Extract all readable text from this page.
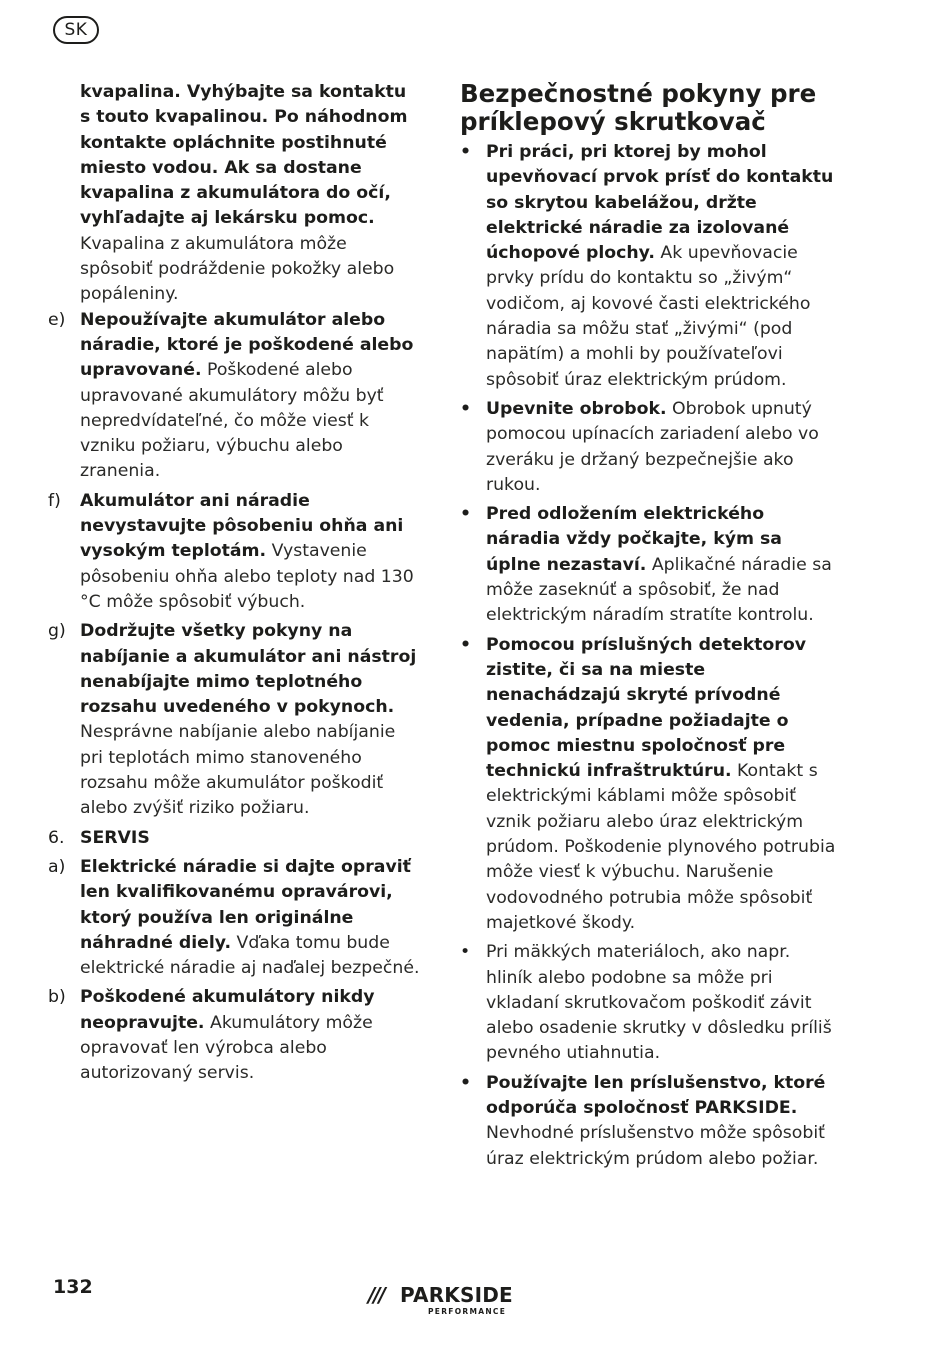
SK

kvapalina. Vyhýbajte sa kontaktu s touto kvapalinou. Po náhodnom kontakte opláchnite postihnuté miesto vodou. Ak sa dostane kvapalina z akumulátora do očí, vyhľadajte aj lekársku pomoc. Kvapalina z akumulátora môže spôsobiť podráždenie pokožky alebo popáleniny.

e) Nepoužívajte akumulátor alebo náradie, ktoré je poškodené alebo upravované. Poškodené alebo upravované akumulátory môžu byť nepredvídateľné, čo môže viesť k vzniku požiaru, výbuchu alebo zranenia.
f)	Akumulátor ani náradie nevystavujte pôsobeniu ohňa ani vysokým teplotám. Vystavenie pôsobeniu ohňa alebo teploty nad 130 °C môže spôsobiť výbuch.
g) Dodržujte všetky pokyny na nabíjanie a akumulátor ani nástroj nenabíjajte mimo teplotného rozsahu uvedeného v pokynoch. Nesprávne nabíjanie alebo nabíjanie pri teplotách mimo stanoveného rozsahu môže akumulátor poškodiť alebo zvýšiť riziko požiaru.
6. SERVIS
a) Elektrické náradie si dajte opraviť len kvalifikovanému opravárovi, ktorý používa len originálne náhradné diely. Vďaka tomu bude elektrické náradie aj naďalej bezpečné.
b) Poškodené akumulátory nikdy neopravujte. Akumulátory môže opravovať len výrobca alebo autorizovaný servis.

Bezpečnostné pokyny pre príklepový skrutkovač

• Pri práci, pri ktorej by mohol upevňovací prvok prísť do kontaktu so skrytou kabelážou, držte elektrické náradie za izolované úchopové plochy. Ak upevňovacie prvky prídu do kontaktu so „živým“ vodičom, aj kovové časti elektrického náradia sa môžu stať „živými“ (pod napätím) a mohli by používateľovi spôsobiť úraz elektrickým prúdom.
• Upevnite obrobok. Obrobok upnutý pomocou upínacích zariadení alebo vo zveráku je držaný bezpečnejšie ako rukou.
• Pred odložením elektrického náradia vždy počkajte, kým sa úplne nezastaví. Aplikačné náradie sa môže zaseknúť a spôsobiť, že nad elektrickým náradím stratíte kontrolu.
• Pomocou príslušných detektorov zistite, či sa na mieste nenachádzajú skryté prívodné vedenia, prípadne požiadajte o pomoc miestnu spoločnosť pre technickú infraštruktúru. Kontakt s elektrickými káblami môže spôsobiť vznik požiaru alebo úraz elektrickým prúdom. Poškodenie plynového potrubia môže viesť k výbuchu. Narušenie vodovodného potrubia môže spôsobiť majetkové škody.
• Pri mäkkých materiáloch, ako napr. hliník alebo podobne sa môže pri vkladaní skrutkovačom poškodiť závit alebo osadenie skrutky v dôsledku príliš pevného utiahnutia.
• Používajte len príslušenstvo, ktoré odporúča spoločnosť PARKSIDE. Nevhodné príslušenstvo môže spôsobiť úraz elektrickým prúdom alebo požiar.
132	/// PARKSIDE
PERFORMANCE
